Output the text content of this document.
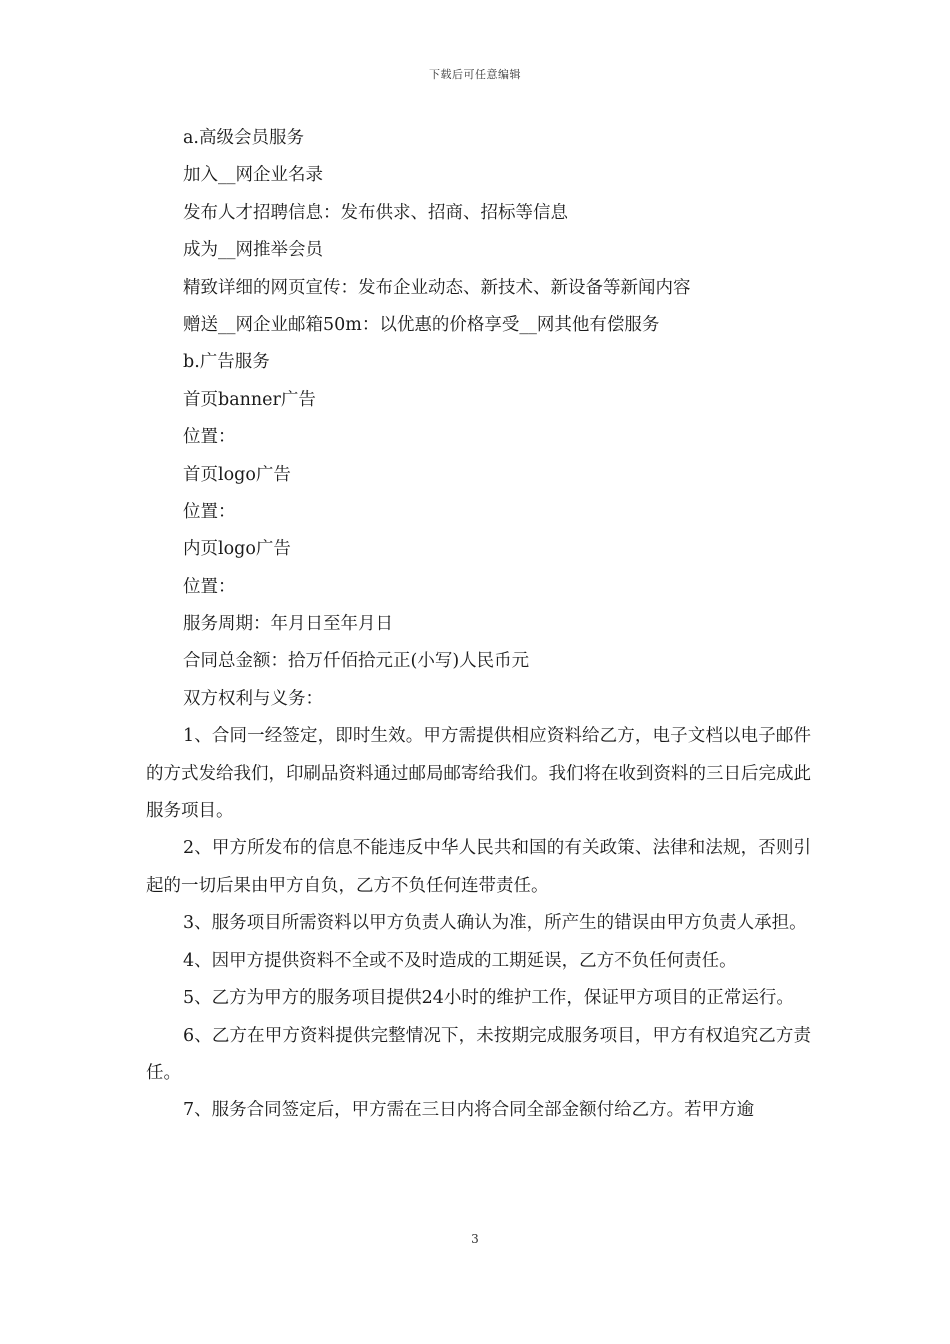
下载后可任意编辑
a.高级会员服务
加入__网企业名录
发布人才招聘信息：发布供求、招商、招标等信息
成为__网推举会员
精致详细的网页宣传：发布企业动态、新技术、新设备等新闻内容
赠送__网企业邮箱50m：以优惠的价格享受__网其他有偿服务
b.广告服务
首页banner广告
位置：
首页logo广告
位置：
内页logo广告
位置：
服务周期：年月日至年月日
合同总金额：拾万仟佰拾元正(小写)人民币元
双方权利与义务：
1、合同一经签定，即时生效。甲方需提供相应资料给乙方，电子文档以电子邮件的方式发给我们，印刷品资料通过邮局邮寄给我们。我们将在收到资料的三日后完成此服务项目。
2、甲方所发布的信息不能违反中华人民共和国的有关政策、法律和法规，否则引起的一切后果由甲方自负，乙方不负任何连带责任。
3、服务项目所需资料以甲方负责人确认为准，所产生的错误由甲方负责人承担。
4、因甲方提供资料不全或不及时造成的工期延误，乙方不负任何责任。
5、乙方为甲方的服务项目提供24小时的维护工作，保证甲方项目的正常运行。
6、乙方在甲方资料提供完整情况下，未按期完成服务项目，甲方有权追究乙方责任。
7、服务合同签定后，甲方需在三日内将合同全部金额付给乙方。若甲方逾
3
